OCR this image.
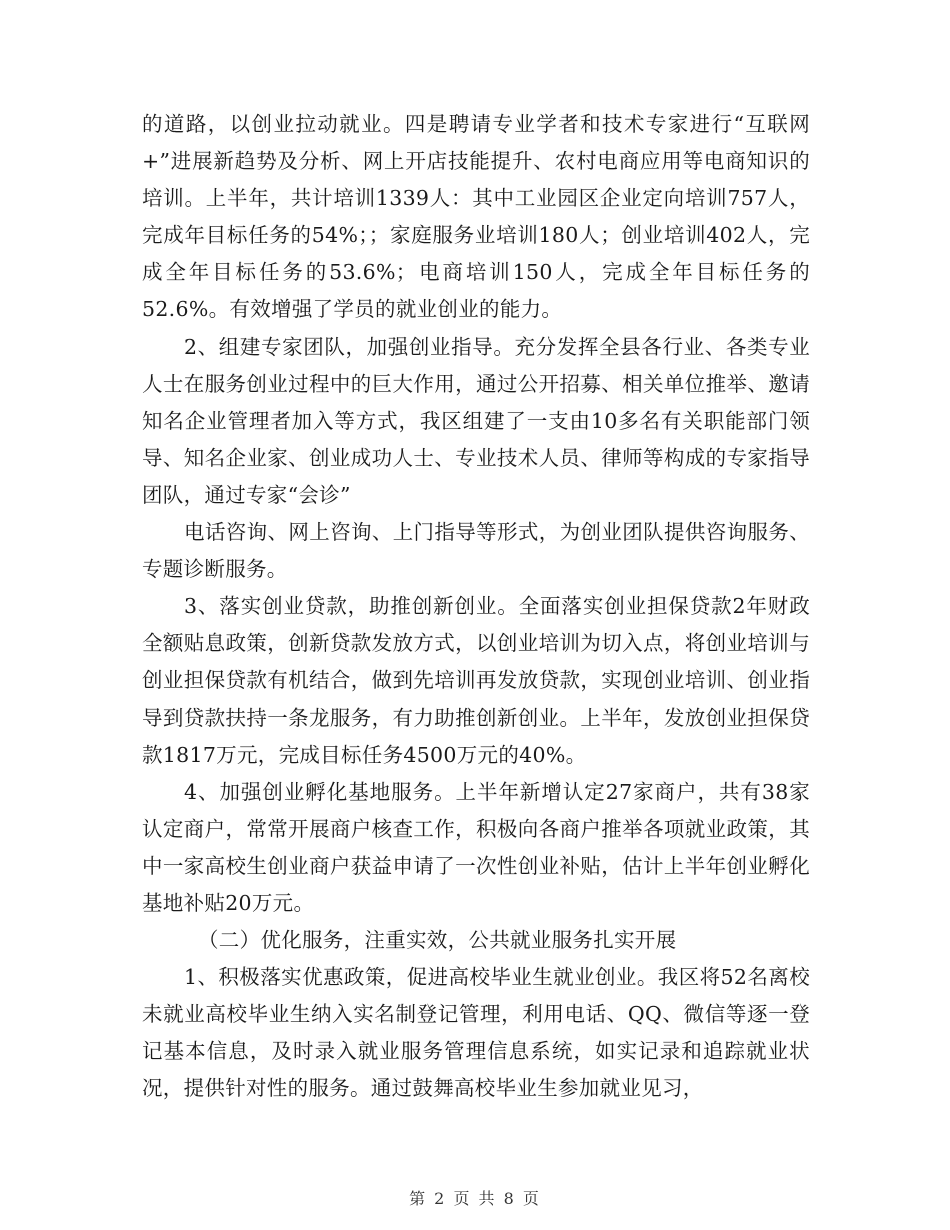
的道路，以创业拉动就业。四是聘请专业学者和技术专家进行“互联网+”进展新趋势及分析、网上开店技能提升、农村电商应用等电商知识的培训。上半年，共计培训1339人：其中工业园区企业定向培训757人，完成年目标任务的54%；；家庭服务业培训180人；创业培训402人，完成全年目标任务的53.6%；电商培训150人，完成全年目标任务的52.6%。有效增强了学员的就业创业的能力。

2、组建专家团队，加强创业指导。充分发挥全县各行业、各类专业人士在服务创业过程中的巨大作用，通过公开招募、相关单位推举、邀请知名企业管理者加入等方式，我区组建了一支由10多名有关职能部门领导、知名企业家、创业成功人士、专业技术人员、律师等构成的专家指导团队，通过专家“会诊”

电话咨询、网上咨询、上门指导等形式，为创业团队提供咨询服务、专题诊断服务。

3、落实创业贷款，助推创新创业。全面落实创业担保贷款2年财政全额贴息政策，创新贷款发放方式，以创业培训为切入点，将创业培训与创业担保贷款有机结合，做到先培训再发放贷款，实现创业培训、创业指导到贷款扶持一条龙服务，有力助推创新创业。上半年，发放创业担保贷款1817万元，完成目标任务4500万元的40%。

4、加强创业孵化基地服务。上半年新增认定27家商户，共有38家认定商户，常常开展商户核查工作，积极向各商户推举各项就业政策，其中一家高校生创业商户获益申请了一次性创业补贴，估计上半年创业孵化基地补贴20万元。

（二）优化服务，注重实效，公共就业服务扎实开展

1、积极落实优惠政策，促进高校毕业生就业创业。我区将52名离校未就业高校毕业生纳入实名制登记管理，利用电话、QQ、微信等逐一登记基本信息，及时录入就业服务管理信息系统，如实记录和追踪就业状况，提供针对性的服务。通过鼓舞高校毕业生参加就业见习，

第 2 页 共 8 页
